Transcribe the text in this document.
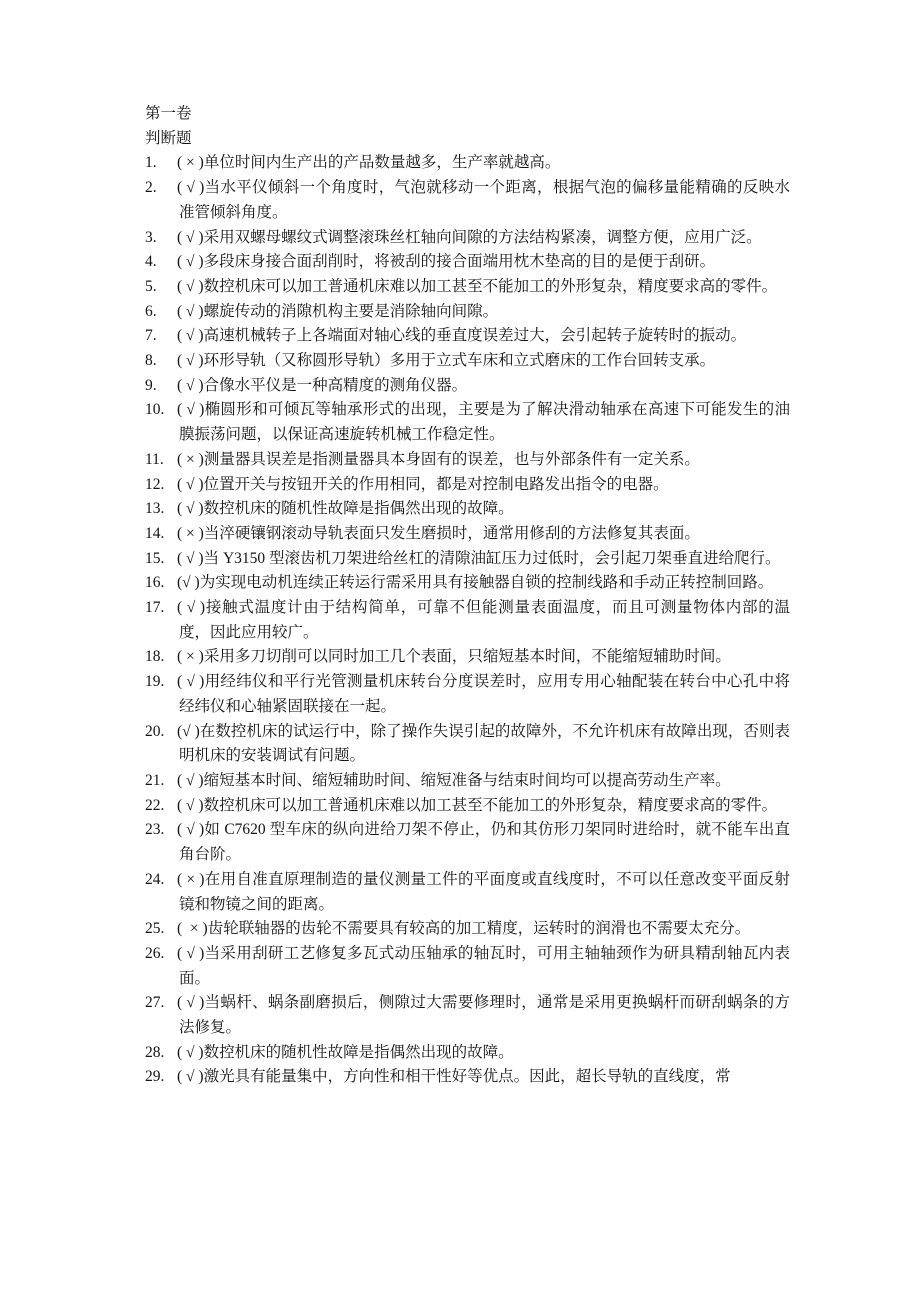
第一卷
判断题
1. ( × )单位时间内生产出的产品数量越多，生产率就越高。
2. ( √ )当水平仪倾斜一个角度时，气泡就移动一个距离，根据气泡的偏移量能精确的反映水准管倾斜角度。
3. ( √ )采用双螺母螺纹式调整滚珠丝杠轴向间隙的方法结构紧凑，调整方便，应用广泛。
4. ( √ )多段床身接合面刮削时，将被刮的接合面端用枕木垫高的目的是便于刮研。
5. ( √ )数控机床可以加工普通机床难以加工甚至不能加工的外形复杂，精度要求高的零件。
6. ( √ )螺旋传动的消隙机构主要是消除轴向间隙。
7. ( √ )高速机械转子上各端面对轴心线的垂直度误差过大，会引起转子旋转时的振动。
8. ( √ )环形导轨（又称圆形导轨）多用于立式车床和立式磨床的工作台回转支承。
9. ( √ )合像水平仪是一种高精度的测角仪器。
10. ( √ )椭圆形和可倾瓦等轴承形式的出现，主要是为了解决滑动轴承在高速下可能发生的油膜振荡问题，以保证高速旋转机械工作稳定性。
11. ( × )测量器具误差是指测量器具本身固有的误差，也与外部条件有一定关系。
12. ( √ )位置开关与按钮开关的作用相同，都是对控制电路发出指令的电器。
13. ( √ )数控机床的随机性故障是指偶然出现的故障。
14. ( × )当淬硬镶钢滚动导轨表面只发生磨损时，通常用修刮的方法修复其表面。
15. ( √ )当 Y3150 型滚齿机刀架进给丝杠的清隙油缸压力过低时，会引起刀架垂直进给爬行。
16. (√ )为实现电动机连续正转运行需采用具有接触器自锁的控制线路和手动正转控制回路。
17. ( √ )接触式温度计由于结构简单，可靠不但能测量表面温度，而且可测量物体内部的温度，因此应用较广。
18. ( × )采用多刀切削可以同时加工几个表面，只缩短基本时间，不能缩短辅助时间。
19. ( √ )用经纬仪和平行光管测量机床转台分度误差时，应用专用心轴配装在转台中心孔中将经纬仪和心轴紧固联接在一起。
20. (√ )在数控机床的试运行中，除了操作失误引起的故障外，不允许机床有故障出现，否则表明机床的安装调试有问题。
21. ( √ )缩短基本时间、缩短辅助时间、缩短准备与结束时间均可以提高劳动生产率。
22. ( √ )数控机床可以加工普通机床难以加工甚至不能加工的外形复杂，精度要求高的零件。
23. ( √ )如 C7620 型车床的纵向进给刀架不停止，仍和其仿形刀架同时进给时，就不能车出直角台阶。
24. ( × )在用自准直原理制造的量仪测量工件的平面度或直线度时，不可以任意改变平面反射镜和物镜之间的距离。
25. (  × )齿轮联轴器的齿轮不需要具有较高的加工精度，运转时的润滑也不需要太充分。
26. ( √ )当采用刮研工艺修复多瓦式动压轴承的轴瓦时，可用主轴轴颈作为研具精刮轴瓦内表面。
27. ( √ )当蜗杆、蜗条副磨损后，侧隙过大需要修理时，通常是采用更换蜗杆而研刮蜗条的方法修复。
28. ( √ )数控机床的随机性故障是指偶然出现的故障。
29. ( √ )激光具有能量集中，方向性和相干性好等优点。因此，超长导轨的直线度，常
